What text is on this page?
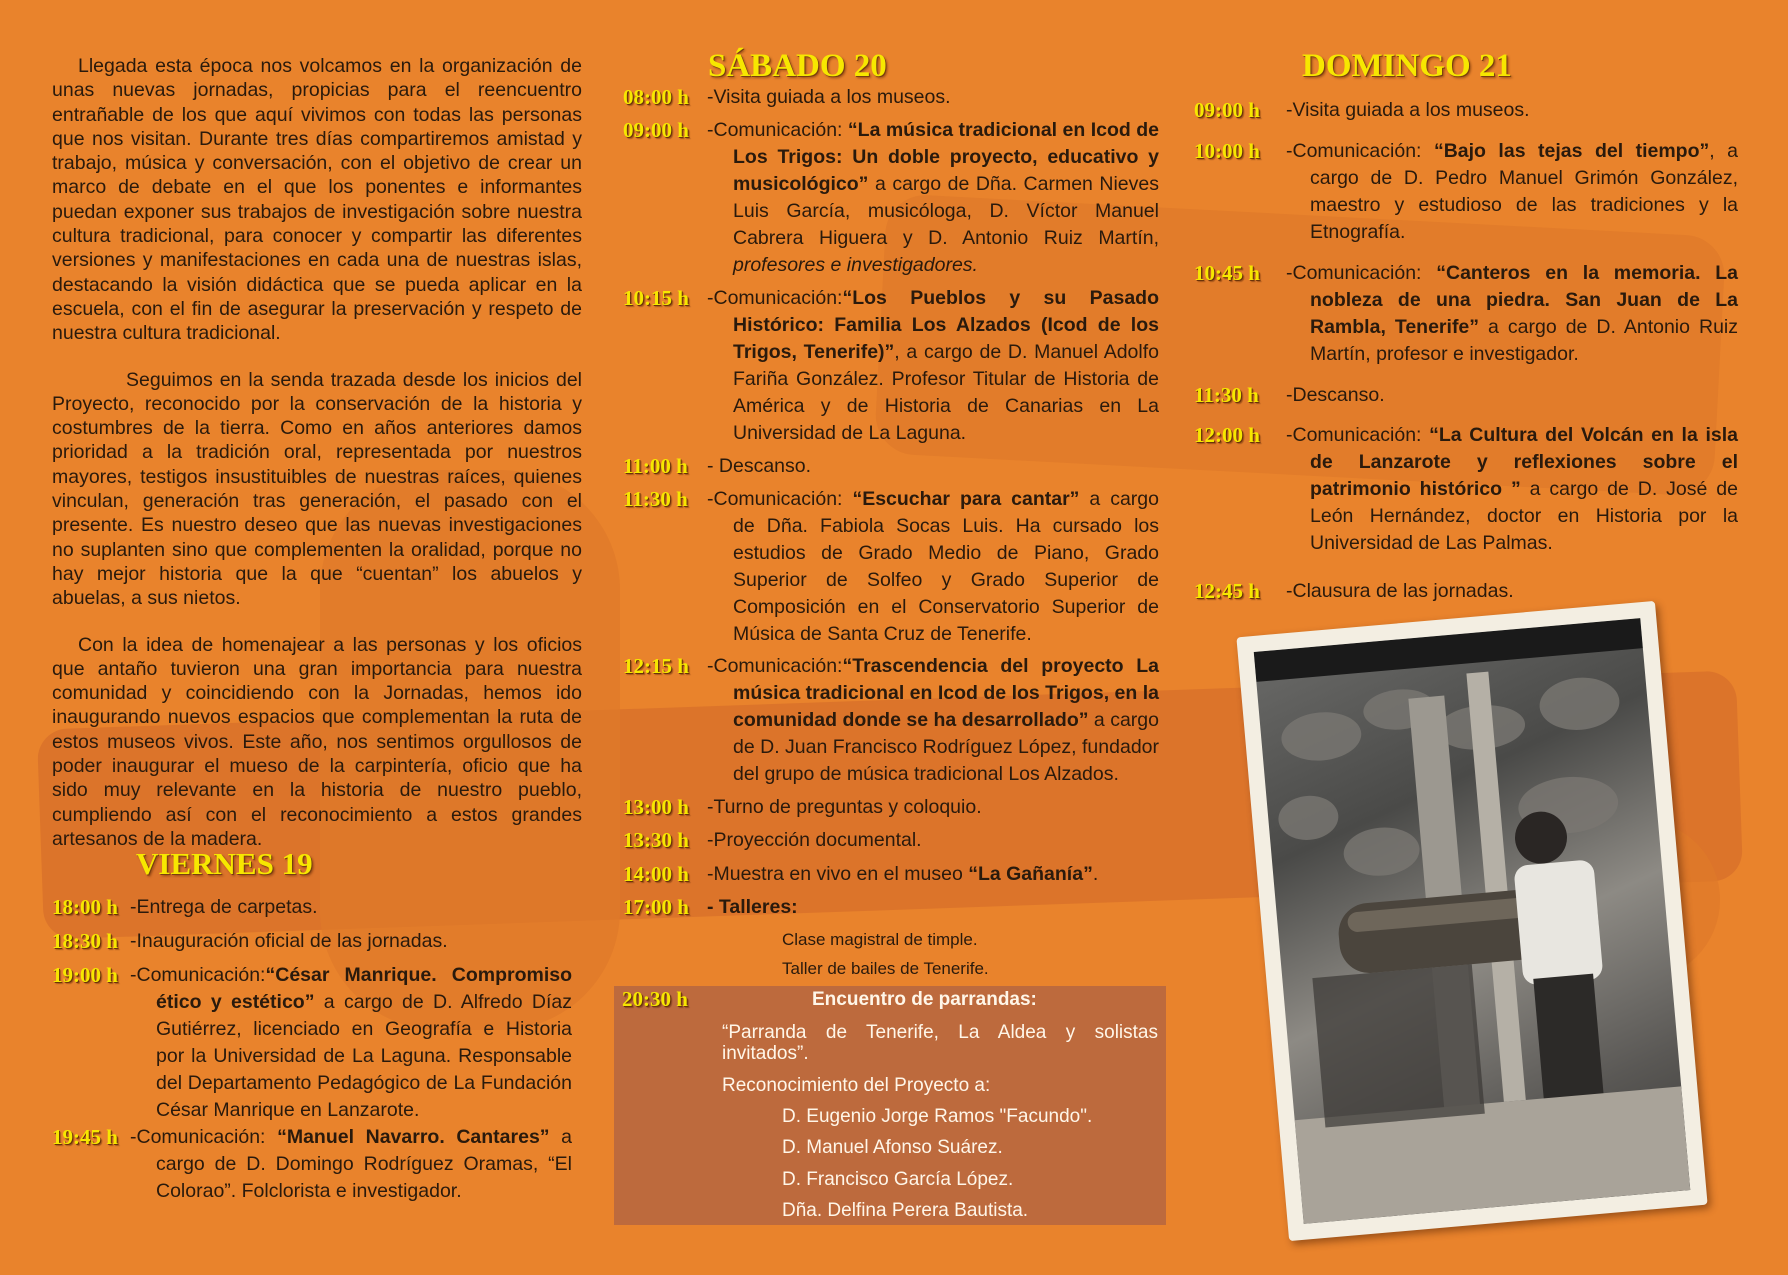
Llegada esta época nos volcamos en la organización de unas nuevas jornadas, propicias para el reencuentro entrañable de los que aquí vivimos con todas las personas que nos visitan. Durante tres días compartiremos amistad y trabajo, música y conversación, con el objetivo de crear un marco de debate en el que los ponentes e informantes puedan exponer sus trabajos de investigación sobre nuestra cultura tradicional, para conocer y compartir las diferentes versiones y manifestaciones en cada una de nuestras islas, destacando la visión didáctica que se pueda aplicar en la escuela, con el fin de asegurar la preservación y respeto de nuestra cultura tradicional.

Seguimos en la senda trazada desde los inicios del Proyecto, reconocido por la conservación de la historia y costumbres de la tierra. Como en años anteriores damos prioridad a la tradición oral, representada por nuestros mayores, testigos insustituibles de nuestras raíces, quienes vinculan, generación tras generación, el pasado con el presente. Es nuestro deseo que las nuevas investigaciones no suplanten sino que complementen la oralidad, porque no hay mejor historia que la que “cuentan” los abuelos y abuelas, a sus nietos.

Con la idea de homenajear a las personas y los oficios que antaño tuvieron una gran importancia para nuestra comunidad y coincidiendo con la Jornadas, hemos ido inaugurando nuevos espacios que complementan la ruta de estos museos vivos. Este año, nos sentimos orgullosos de poder inaugurar el mueso de la carpintería, oficio que ha sido muy relevante en la historia de nuestro pueblo, cumpliendo así con el reconocimiento a estos grandes artesanos de la madera.

VIERNES 19
18:00 h -Entrega de carpetas.
18:30 h -Inauguración oficial de las jornadas.
19:00 h -Comunicación:“César Manrique. Compromiso ético y estético” a cargo de D. Alfredo Díaz Gutiérrez, licenciado en Geografía e Historia por la Universidad de La Laguna. Responsable del Departamento Pedagógico de La Fundación César Manrique en Lanzarote.
19:45 h -Comunicación: “Manuel Navarro. Cantares” a cargo de D. Domingo Rodríguez Oramas, “El Colorao”. Folclorista e investigador.
SÁBADO 20
08:00 h -Visita guiada a los museos.
09:00 h -Comunicación: “La música tradicional en Icod de Los Trigos: Un doble proyecto, educativo y musicológico” a cargo de Dña. Carmen Nieves Luis García, musicóloga, D. Víctor Manuel Cabrera Higuera y D. Antonio Ruiz Martín, profesores e investigadores.
10:15 h -Comunicación:“Los Pueblos y su Pasado Histórico: Familia Los Alzados (Icod de los Trigos, Tenerife)”, a cargo de D. Manuel Adolfo Fariña González. Profesor Titular de Historia de América y de Historia de Canarias en La Universidad de La Laguna.
11:00 h - Descanso.
11:30 h -Comunicación: “Escuchar para cantar” a cargo de Dña. Fabiola Socas Luis. Ha cursado los estudios de Grado Medio de Piano, Grado Superior de Solfeo y Grado Superior de Composición en el Conservatorio Superior de Música de Santa Cruz de Tenerife.
12:15 h -Comunicación:“Trascendencia del proyecto La música tradicional en Icod de los Trigos, en la comunidad donde se ha desarrollado” a cargo de D. Juan Francisco Rodríguez López, fundador del grupo de música tradicional Los Alzados.
13:00 h -Turno de preguntas y coloquio.
13:30 h -Proyección documental.
14:00 h -Muestra en vivo en el museo “La Gañanía”.
17:00 h - Talleres:
Clase magistral de timple.
Taller de bailes de Tenerife.
20:30 h	Encuentro de parrandas:
“Parranda de Tenerife, La Aldea y solistas invitados”.
Reconocimiento del Proyecto a:
D. Eugenio Jorge Ramos "Facundo".
D. Manuel Afonso Suárez.
D. Francisco García López.
Dña. Delfina Perera Bautista.
DOMINGO 21
09:00 h -Visita guiada a los museos.
10:00 h -Comunicación: “Bajo las tejas del tiempo”, a cargo de D. Pedro Manuel Grimón González, maestro y estudioso de las tradiciones y la Etnografía.
10:45 h -Comunicación: “Canteros en la memoria. La nobleza de una piedra. San Juan de La Rambla, Tenerife” a cargo de D. Antonio Ruiz Martín, profesor e investigador.
11:30 h -Descanso.
12:00 h -Comunicación: “La Cultura del Volcán en la isla de Lanzarote y reflexiones sobre el patrimonio histórico ” a cargo de D. José de León Hernández, doctor en Historia por la Universidad de Las Palmas.
12:45 h -Clausura de las jornadas.
